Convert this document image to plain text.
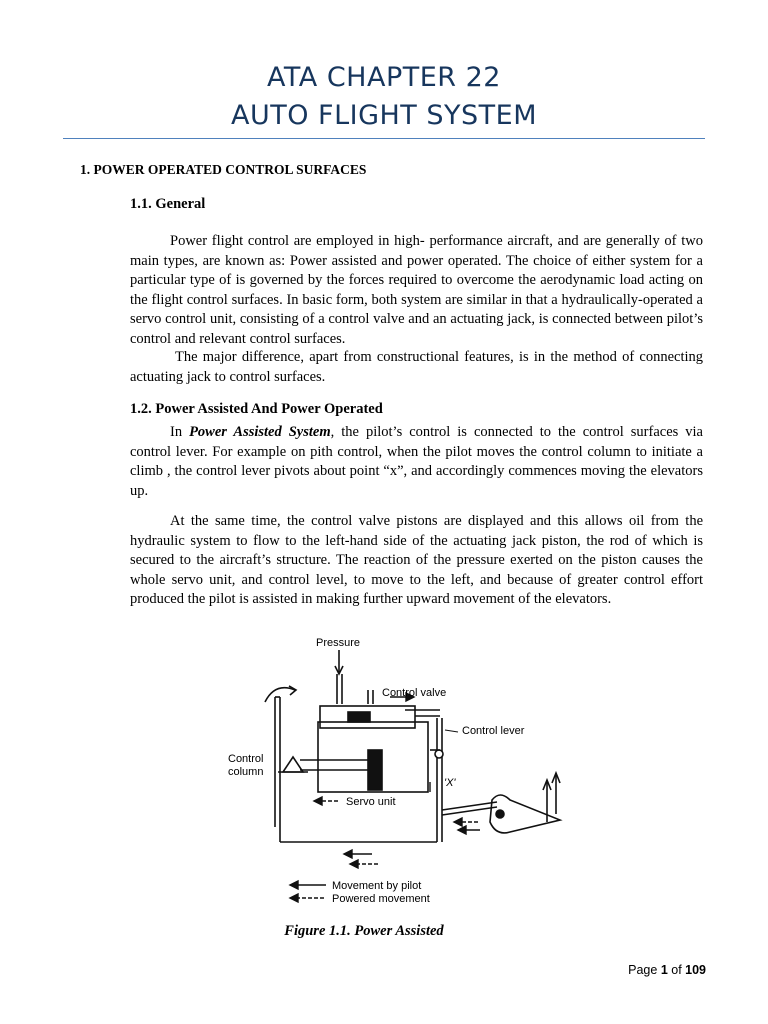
ATA CHAPTER 22
AUTO FLIGHT SYSTEM
1. POWER OPERATED CONTROL SURFACES
1.1. General
Power flight control are employed in high- performance aircraft, and are generally of two main types, are known as: Power assisted and power operated. The choice of either system for a particular type of is governed by the forces required to overcome the aerodynamic load acting on the flight control surfaces. In basic form, both system are similar in that a hydraulically-operated a servo control unit, consisting of a control valve and an actuating jack, is connected between pilot’s control and relevant control surfaces.
The major difference, apart from constructional features, is in the method of connecting actuating jack to control surfaces.
1.2. Power Assisted And Power Operated
In Power Assisted System, the pilot’s control is connected to the control surfaces via control lever. For example on pith control, when the pilot moves the control column to initiate a climb , the control lever pivots about point “x”, and accordingly commences moving the elevators up.
At the same time, the control valve pistons are displayed and this allows oil from the hydraulic system to flow to the left-hand side of the actuating jack piston, the rod of which is secured to the aircraft’s structure. The reaction of the pressure exerted on the piston causes the whole servo unit, and control level, to move to the left, and because of greater control effort produced the pilot is assisted in making further upward movement of the elevators.
Pressure
Control valve
Control lever
Control
column
'X'
Servo unit
Movement by pilot
Powered movement
Figure 1.1. Power Assisted
Page 1 of 109
